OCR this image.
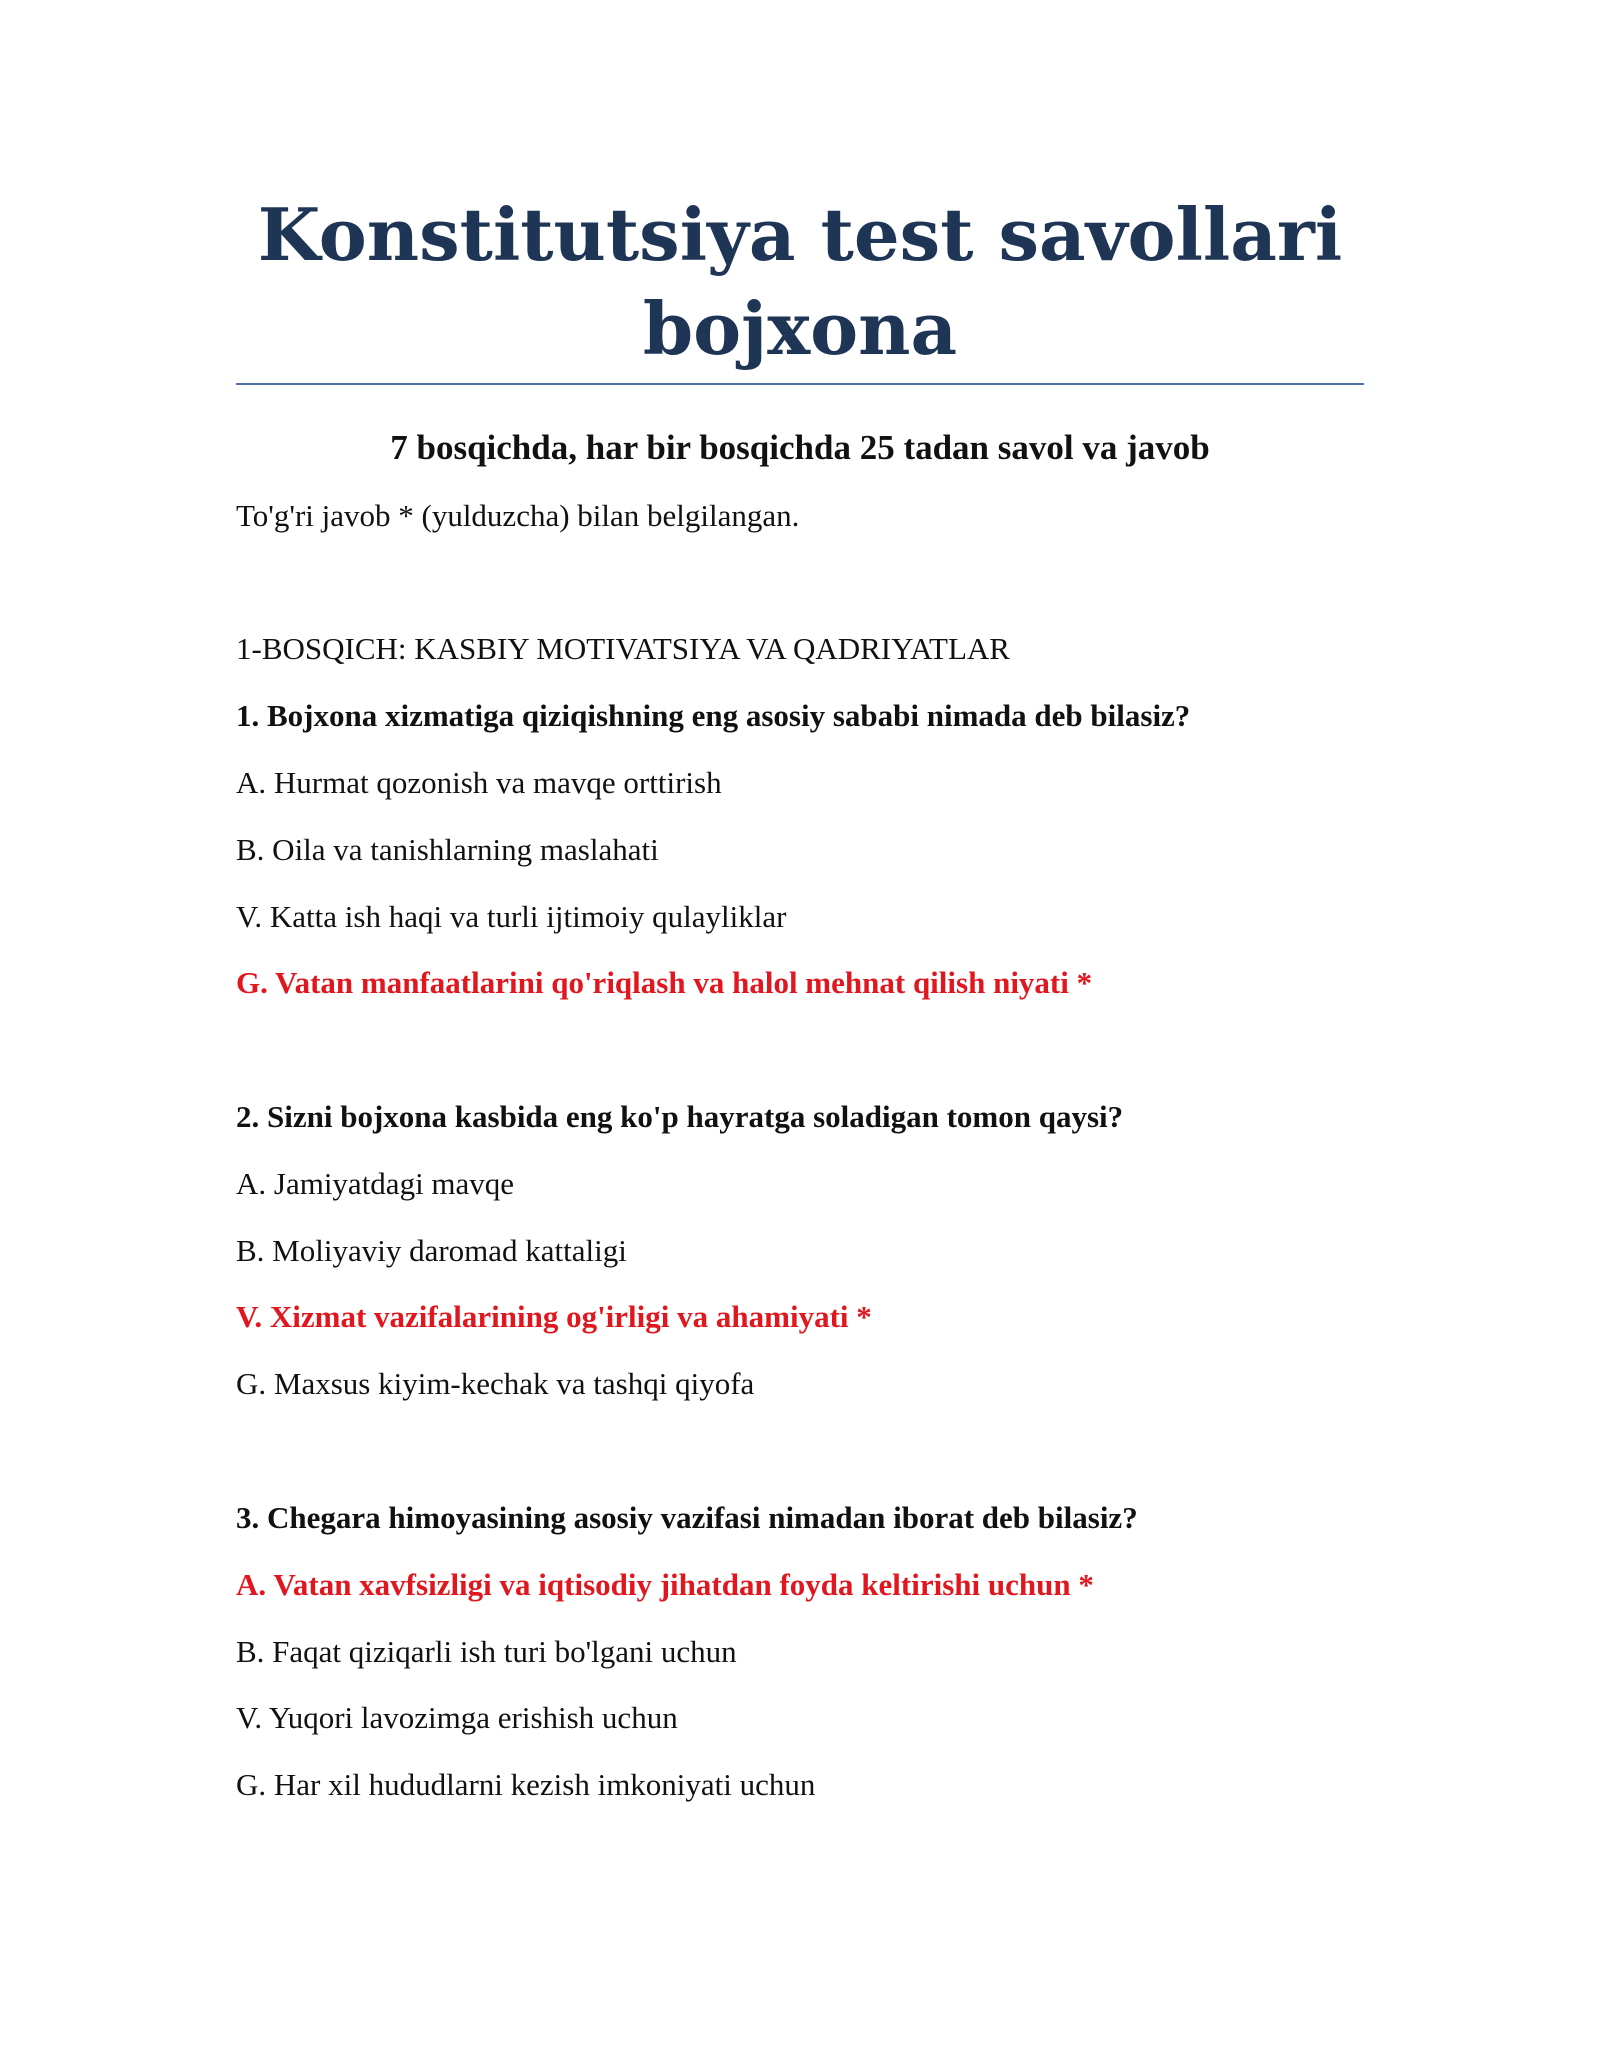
Konstitutsiya test savollari bojxona
7 bosqichda, har bir bosqichda 25 tadan savol va javob

To'g'ri javob * (yulduzcha) bilan belgilangan.

1-BOSQICH: KASBIY MOTIVATSIYA VA QADRIYATLAR

1. Bojxona xizmatiga qiziqishning eng asosiy sababi nimada deb bilasiz?

A. Hurmat qozonish va mavqe orttirish

B. Oila va tanishlarning maslahati

V. Katta ish haqi va turli ijtimoiy qulayliklar

G. Vatan manfaatlarini qo'riqlash va halol mehnat qilish niyati *

2. Sizni bojxona kasbida eng ko'p hayratga soladigan tomon qaysi?

A. Jamiyatdagi mavqe

B. Moliyaviy daromad kattaligi

V. Xizmat vazifalarining og'irligi va ahamiyati *

G. Maxsus kiyim-kechak va tashqi qiyofa

3. Chegara himoyasining asosiy vazifasi nimadan iborat deb bilasiz?

A. Vatan xavfsizligi va iqtisodiy jihatdan foyda keltirishi uchun *

B. Faqat qiziqarli ish turi bo'lgani uchun

V. Yuqori lavozimga erishish uchun

G. Har xil hududlarni kezish imkoniyati uchun
